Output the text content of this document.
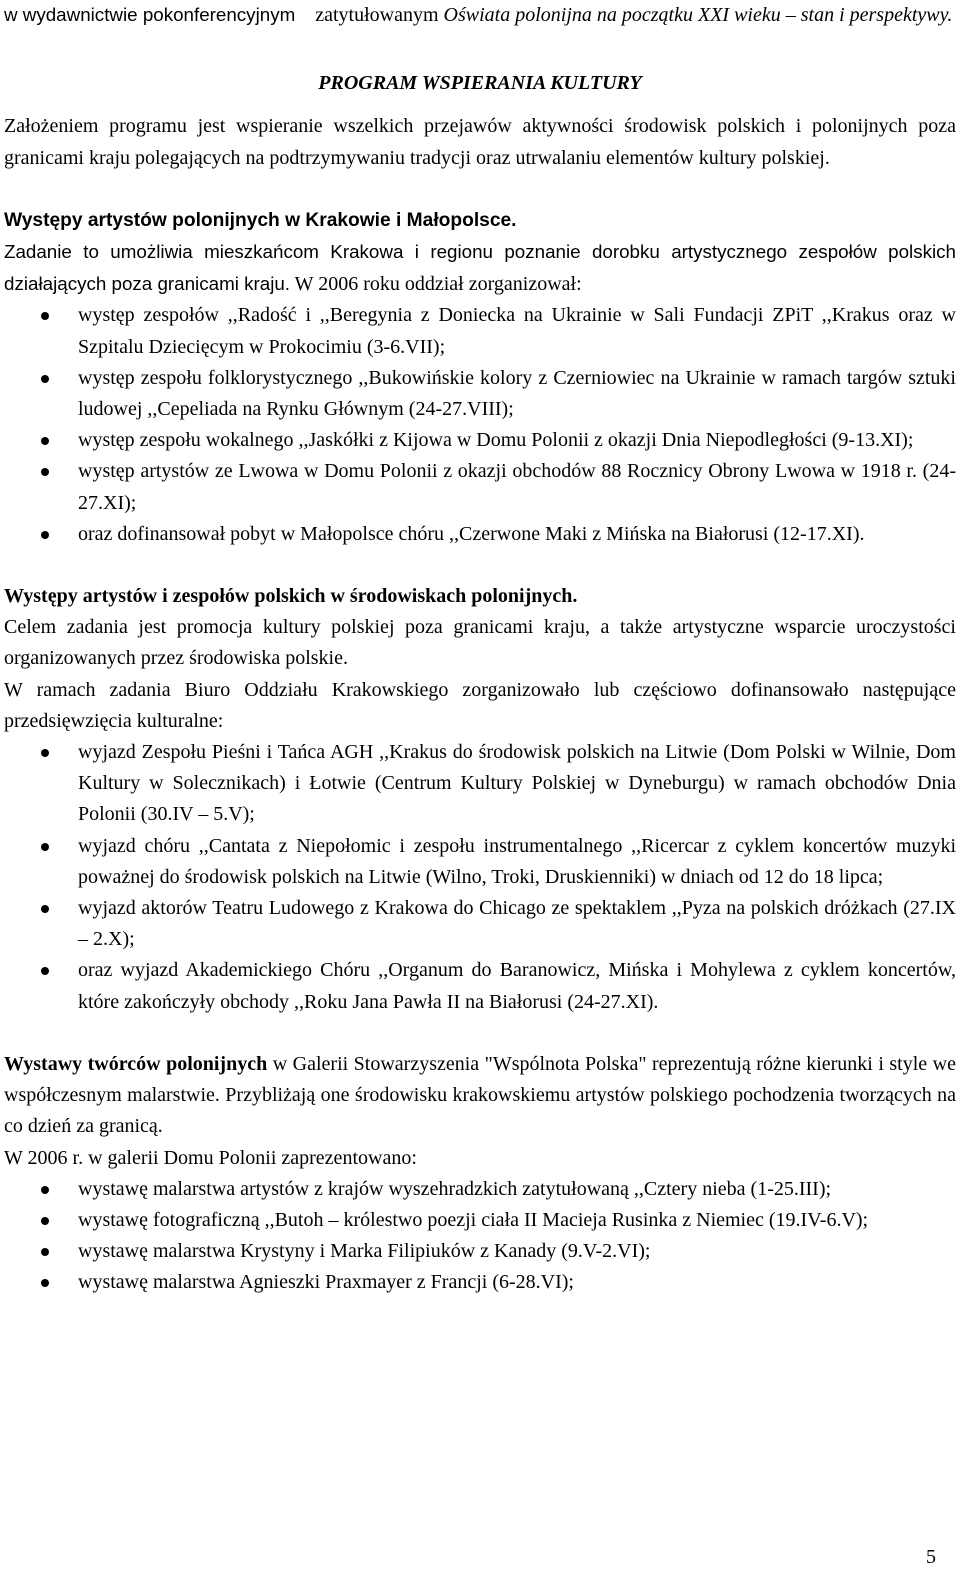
w wydawnictwie pokonferencyjnym zatytułowanym Oświata polonijna na początku XXI wieku – stan i perspektywy.

PROGRAM WSPIERANIA KULTURY

Założeniem programu jest wspieranie wszelkich przejawów aktywności środowisk polskich i polonijnych poza granicami kraju polegających na podtrzymywaniu tradycji oraz utrwalaniu elementów kultury polskiej.

Występy artystów polonijnych w Krakowie i Małopolsce.

Zadanie to umożliwia mieszkańcom Krakowa i regionu poznanie dorobku artystycznego zespołów polskich działających poza granicami kraju. W 2006 roku oddział zorganizował:

występ zespołów ,,Radość i ,,Beregynia z Doniecka na Ukrainie w Sali Fundacji ZPiT ,,Krakus oraz w Szpitalu Dziecięcym w Prokocimiu (3-6.VII);
występ zespołu folklorystycznego ,,Bukowińskie kolory z Czerniowiec na Ukrainie w ramach targów sztuki ludowej ,,Cepeliada na Rynku Głównym (24-27.VIII);
występ zespołu wokalnego ,,Jaskółki z Kijowa w Domu Polonii z okazji Dnia Niepodległości (9-13.XI);
występ artystów ze Lwowa w Domu Polonii z okazji obchodów 88 Rocznicy Obrony Lwowa w 1918 r. (24-27.XI);
oraz dofinansował pobyt w Małopolsce chóru ,,Czerwone Maki z Mińska na Białorusi (12-17.XI).

Występy artystów i zespołów polskich w środowiskach polonijnych.

Celem zadania jest promocja kultury polskiej poza granicami kraju, a także artystyczne wsparcie uroczystości organizowanych przez środowiska polskie.

W ramach zadania Biuro Oddziału Krakowskiego zorganizowało lub częściowo dofinansowało następujące przedsięwzięcia kulturalne:

wyjazd Zespołu Pieśni i Tańca AGH ,,Krakus do środowisk polskich na Litwie (Dom Polski w Wilnie, Dom Kultury w Solecznikach) i Łotwie (Centrum Kultury Polskiej w Dyneburgu) w ramach obchodów Dnia Polonii (30.IV – 5.V);
wyjazd chóru ,,Cantata z Niepołomic i zespołu instrumentalnego ,,Ricercar z cyklem koncertów muzyki poważnej do środowisk polskich na Litwie (Wilno, Troki, Druskienniki) w dniach od 12 do 18 lipca;
wyjazd aktorów Teatru Ludowego z Krakowa do Chicago ze spektaklem ,,Pyza na polskich dróżkach (27.IX – 2.X);
oraz wyjazd Akademickiego Chóru ,,Organum do Baranowicz, Mińska i Mohylewa z cyklem koncertów, które zakończyły obchody ,,Roku Jana Pawła II na Białorusi (24-27.XI).

Wystawy twórców polonijnych w Galerii Stowarzyszenia "Wspólnota Polska" reprezentują różne kierunki i style we współczesnym malarstwie. Przybliżają one środowisku krakowskiemu artystów polskiego pochodzenia tworzących na co dzień za granicą.

W 2006 r. w galerii Domu Polonii zaprezentowano:

wystawę malarstwa artystów z krajów wyszehradzkich zatytułowaną ,,Cztery nieba (1-25.III);
wystawę fotograficzną ,,Butoh – królestwo poezji ciała II Macieja Rusinka z Niemiec (19.IV-6.V);
wystawę malarstwa Krystyny i Marka Filipiuków z Kanady (9.V-2.VI);
wystawę malarstwa Agnieszki Praxmayer z Francji (6-28.VI);
5
